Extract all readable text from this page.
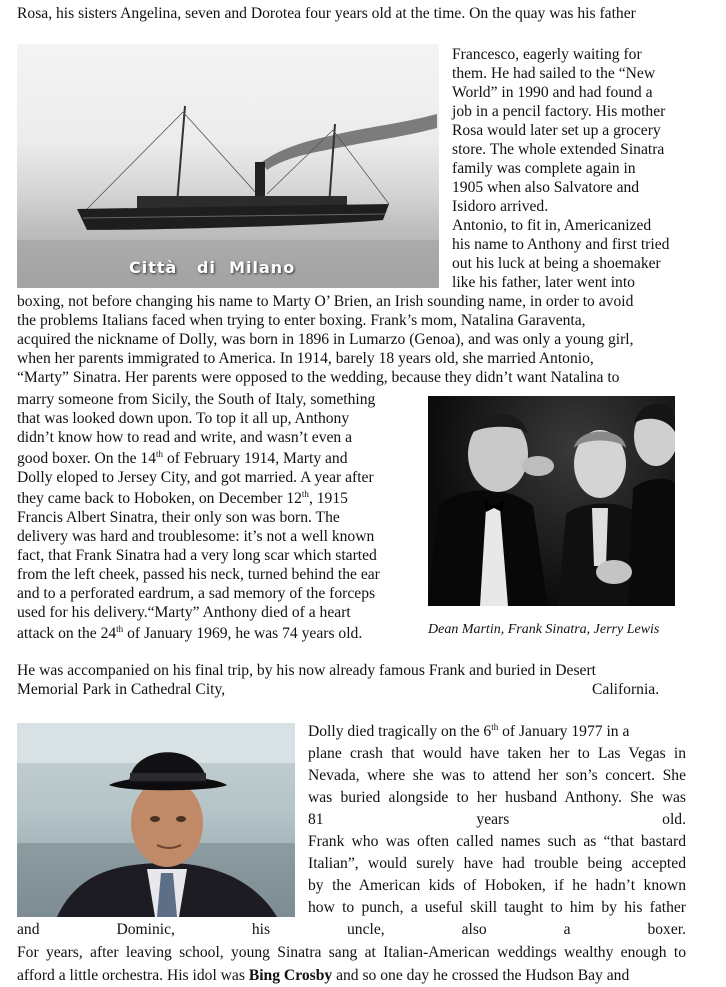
Rosa, his sisters Angelina, seven and Dorotea four years old at the time. On the quay was his father
Città   di  Milano
Francesco, eagerly waiting for
them. He had sailed to the “New
World” in 1990 and had found a
job in a pencil factory. His mother
Rosa would later set up a grocery
store. The whole extended Sinatra
family was complete again in
1905 when also Salvatore and
Isidoro arrived.
Antonio, to fit in, Americanized
his name to Anthony and first tried
out his luck at being a shoemaker
like his father, later went into
boxing, not before changing his name to Marty O’ Brien, an Irish sounding name, in order to avoid
the problems Italians faced when trying to enter boxing. Frank’s mom, Natalina Garaventa,
acquired the nickname of Dolly, was born in 1896 in Lumarzo (Genoa), and was only a young girl,
when her parents immigrated to America. In 1914, barely 18 years old, she married Antonio,
“Marty” Sinatra. Her parents were opposed to the wedding, because they didn’t want Natalina to
marry someone from Sicily, the South of Italy, something
that was looked down upon. To top it all up, Anthony
didn’t know how to read and write, and wasn’t even a
good boxer. On the 14th of February 1914, Marty and
Dolly eloped to Jersey City, and got married. A year after
they came back to Hoboken, on December 12th, 1915
Francis Albert Sinatra, their only son was born. The
delivery was hard and troublesome: it’s not a well known
fact, that Frank Sinatra had a very long scar which started
from the left cheek, passed his neck, turned behind the ear
and to a perforated eardrum, a sad memory of the forceps
used for his delivery.“Marty” Anthony died of a heart
attack on the 24th of January 1969, he was 74 years old.	Dean Martin, Frank Sinatra, Jerry Lewis
He was accompanied on his final trip, by his now already famous Frank and buried in Desert
Memorial Park in Cathedral City,	California.
Dolly died tragically on the 6th of January 1977 in a
plane crash that would have taken her to Las Vegas in
Nevada, where she was to attend her son’s concert. She
was buried alongside to her husband Anthony. She was
81	years	old.
Frank who was often called names such as “that bastard
Italian”, would surely have had trouble being accepted
by the American kids of Hoboken, if he hadn’t known
how to punch, a useful skill taught to him by his father
and	Dominic,	his	uncle,	also	a	boxer.
For years, after leaving school, young Sinatra sang at Italian-American weddings wealthy enough to
afford a little orchestra. His idol was Bing Crosby and so one day he crossed the Hudson Bay and
